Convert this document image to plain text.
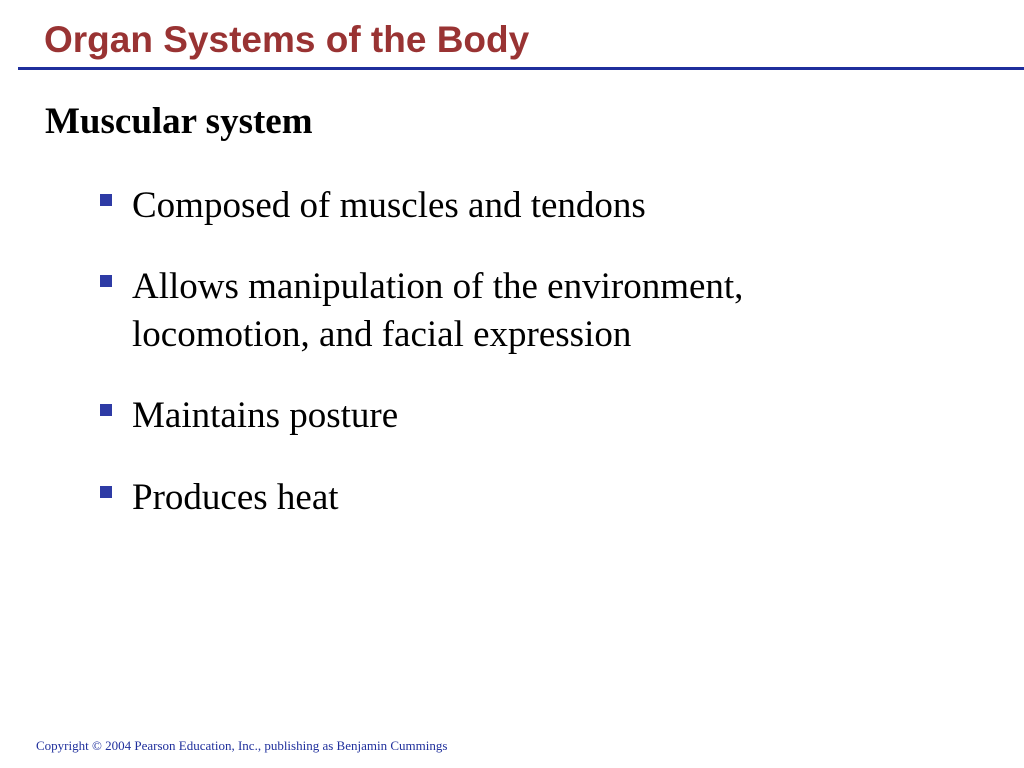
Organ Systems of the Body
Muscular system
Composed of muscles and tendons
Allows manipulation of the environment, locomotion, and facial expression
Maintains posture
Produces heat

Copyright © 2004 Pearson Education, Inc., publishing as Benjamin Cummings
